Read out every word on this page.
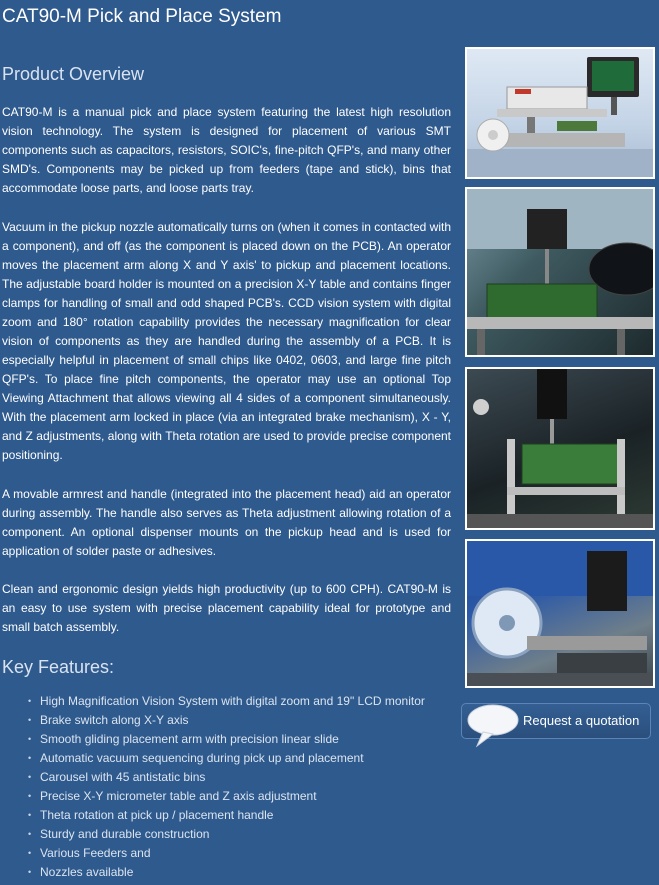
CAT90-M Pick and Place System
Product Overview

CAT90-M is a manual pick and place system featuring the latest high resolution vision technology. The system is designed for placement of various SMT components such as capacitors, resistors, SOIC's, fine-pitch QFP's, and many other SMD's. Components may be picked up from feeders (tape and stick), bins that accommodate loose parts, and loose parts tray.

Vacuum in the pickup nozzle automatically turns on (when it comes in contacted with a component), and off (as the component is placed down on the PCB). An operator moves the placement arm along X and Y axis' to pickup and placement locations. The adjustable board holder is mounted on a precision X-Y table and contains finger clamps for handling of small and odd shaped PCB's. CCD vision system with digital zoom and 180° rotation capability provides the necessary magnification for clear vision of components as they are handled during the assembly of a PCB. It is especially helpful in placement of small chips like 0402, 0603, and large fine pitch QFP's. To place fine pitch components, the operator may use an optional Top Viewing Attachment that allows viewing all 4 sides of a component simultaneously. With the placement arm locked in place (via an integrated brake mechanism), X - Y, and Z adjustments, along with Theta rotation are used to provide precise component positioning.

A movable armrest and handle (integrated into the placement head) aid an operator during assembly. The handle also serves as Theta adjustment allowing rotation of a component. An optional dispenser mounts on the pickup head and is used for application of solder paste or adhesives.

Clean and ergonomic design yields high productivity (up to 600 CPH). CAT90-M is an easy to use system with precise placement capability ideal for prototype and small batch assembly.

Key Features:
• High Magnification Vision System with digital zoom and 19" LCD monitor
• Brake switch along X-Y axis
• Smooth gliding placement arm with precision linear slide
• Automatic vacuum sequencing during pick up and placement
• Carousel with 45 antistatic bins
• Precise X-Y micrometer table and Z axis adjustment
• Theta rotation at pick up / placement handle
• Sturdy and durable construction
• Various Feeders and
• Nozzles available
Request a quotation
